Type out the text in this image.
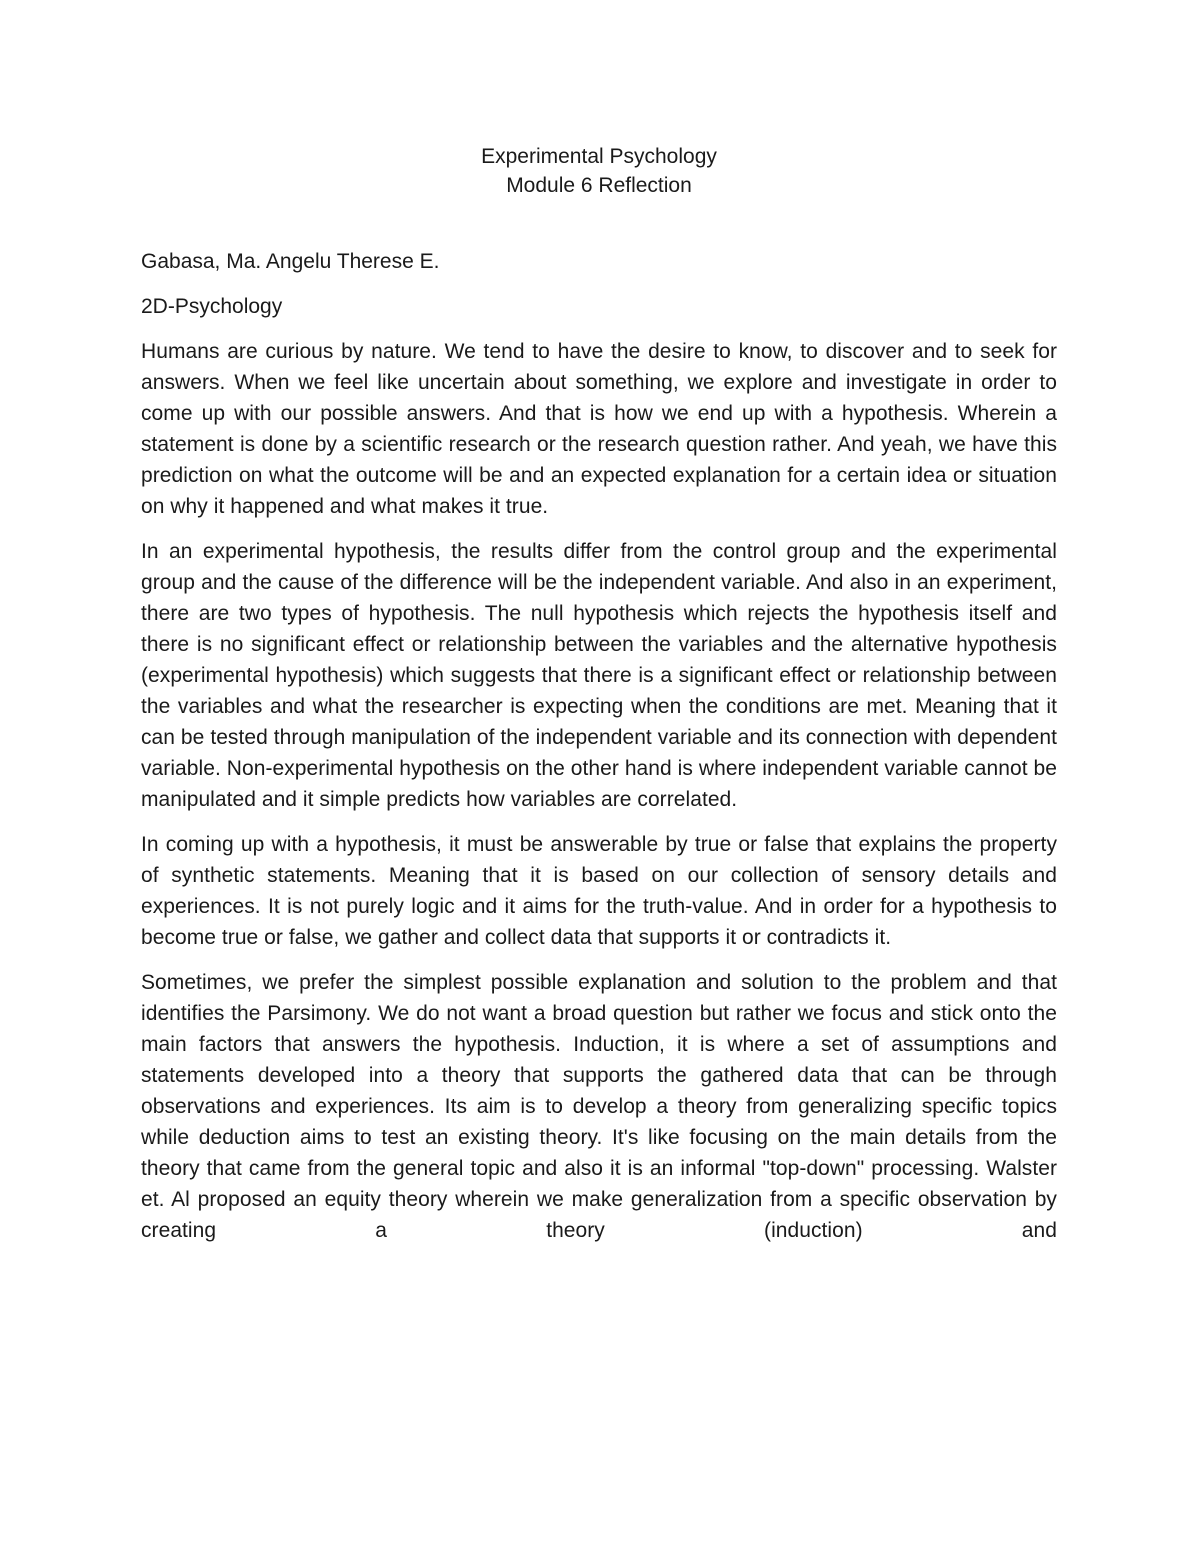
Experimental Psychology
Module 6 Reflection
Gabasa, Ma. Angelu Therese E.
2D-Psychology

Humans are curious by nature. We tend to have the desire to know, to discover and to seek for answers. When we feel like uncertain about something, we explore and investigate in order to come up with our possible answers. And that is how we end up with a hypothesis. Wherein a statement is done by a scientific research or the research question rather. And yeah, we have this prediction on what the outcome will be and an expected explanation for a certain idea or situation on why it happened and what makes it true.

In an experimental hypothesis, the results differ from the control group and the experimental group and the cause of the difference will be the independent variable. And also in an experiment, there are two types of hypothesis. The null hypothesis which rejects the hypothesis itself and there is no significant effect or relationship between the variables and the alternative hypothesis (experimental hypothesis) which suggests that there is a significant effect or relationship between the variables and what the researcher is expecting when the conditions are met. Meaning that it can be tested through manipulation of the independent variable and its connection with dependent variable. Non-experimental hypothesis on the other hand is where independent variable cannot be manipulated and it simple predicts how variables are correlated.

In coming up with a hypothesis, it must be answerable by true or false that explains the property of synthetic statements. Meaning that it is based on our collection of sensory details and experiences. It is not purely logic and it aims for the truth-value. And in order for a hypothesis to become true or false, we gather and collect data that supports it or contradicts it.

Sometimes, we prefer the simplest possible explanation and solution to the problem and that identifies the Parsimony. We do not want a broad question but rather we focus and stick onto the main factors that answers the hypothesis. Induction, it is where a set of assumptions and statements developed into a theory that supports the gathered data that can be through observations and experiences. Its aim is to develop a theory from generalizing specific topics while deduction aims to test an existing theory. It's like focusing on the main details from the theory that came from the general topic and also it is an informal "top-down" processing. Walster et. Al proposed an equity theory wherein we make generalization from a specific observation by creating a theory (induction) and
